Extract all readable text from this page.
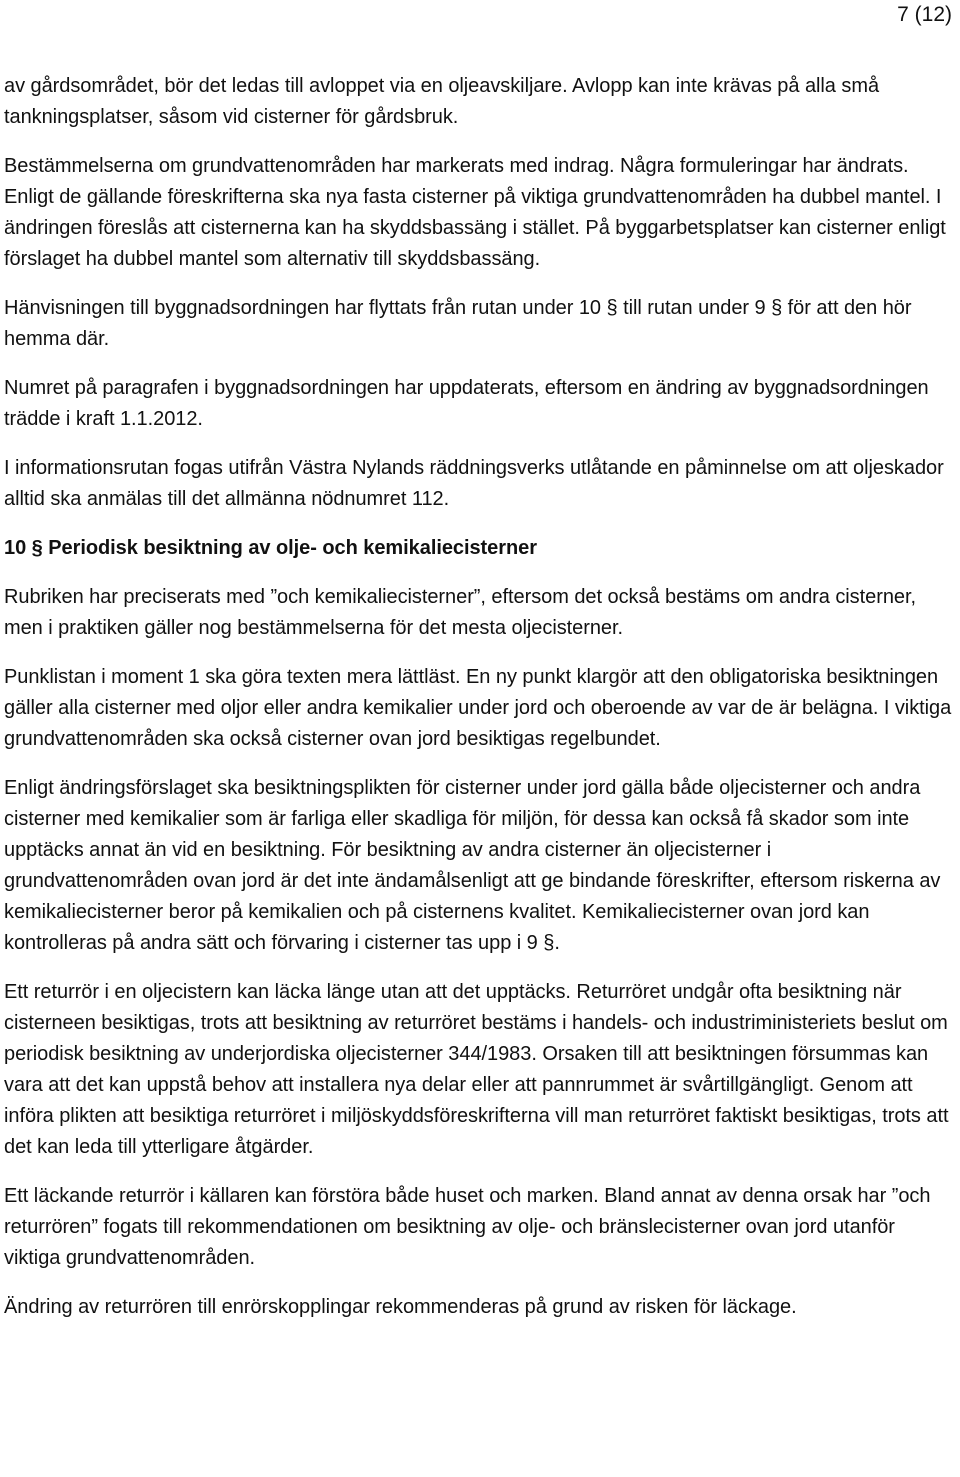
7 (12)

av gårdsområdet, bör det ledas till avloppet via en oljeavskiljare. Avlopp kan inte krävas på alla små tankningsplatser, såsom vid cisterner för gårdsbruk.

Bestämmelserna om grundvattenområden har markerats med indrag. Några formuleringar har ändrats. Enligt de gällande föreskrifterna ska nya fasta cisterner på viktiga grundvattenområden ha dubbel mantel. I ändringen föreslås att cisternerna kan ha skyddsbassäng i stället. På byggarbetsplatser kan cisterner enligt förslaget ha dubbel mantel som alternativ till skyddsbassäng.

Hänvisningen till byggnadsordningen har flyttats från rutan under 10 § till rutan under 9 § för att den hör hemma där.

Numret på paragrafen i byggnadsordningen har uppdaterats, eftersom en ändring av byggnadsordningen trädde i kraft 1.1.2012.

I informationsrutan fogas utifrån Västra Nylands räddningsverks utlåtande en påminnelse om att oljeskador alltid ska anmälas till det allmänna nödnumret 112.

10 § Periodisk besiktning av olje- och kemikaliecisterner

Rubriken har preciserats med ”och kemikaliecisterner”, eftersom det också bestäms om andra cisterner, men i praktiken gäller nog bestämmelserna för det mesta oljecisterner.

Punklistan i moment 1 ska göra texten mera lättläst. En ny punkt klargör att den obligatoriska besiktningen gäller alla cisterner med oljor eller andra kemikalier under jord och oberoende av var de är belägna. I viktiga grundvattenområden ska också cisterner ovan jord besiktigas regelbundet.

Enligt ändringsförslaget ska besiktningsplikten för cisterner under jord gälla både oljecisterner och andra cisterner med kemikalier som är farliga eller skadliga för miljön, för dessa kan också få skador som inte upptäcks annat än vid en besiktning. För besiktning av andra cisterner än oljecisterner i grundvattenområden ovan jord är det inte ändamålsenligt att ge bindande föreskrifter, eftersom riskerna av kemikaliecisterner beror på kemikalien och på cisternens kvalitet. Kemikaliecisterner ovan jord kan kontrolleras på andra sätt och förvaring i cisterner tas upp i 9 §.

Ett returrör i en oljecistern kan läcka länge utan att det upptäcks. Returröret undgår ofta besiktning när cisterneen besiktigas, trots att besiktning av returröret bestäms i handels- och industriministeriets beslut om periodisk besiktning av underjordiska oljecisterner 344/1983. Orsaken till att besiktningen försummas kan vara att det kan uppstå behov att installera nya delar eller att pannrummet är svårtillgängligt. Genom att införa plikten att besiktiga returröret i miljöskyddsföreskrifterna vill man returröret faktiskt besiktigas, trots att det kan leda till ytterligare åtgärder.

Ett läckande returrör i källaren kan förstöra både huset och marken. Bland annat av denna orsak har ”och returrören” fogats till rekommendationen om besiktning av olje- och bränslecisterner ovan jord utanför viktiga grundvattenområden.

Ändring av returrören till enrörskopplingar rekommenderas på grund av risken för läckage.
